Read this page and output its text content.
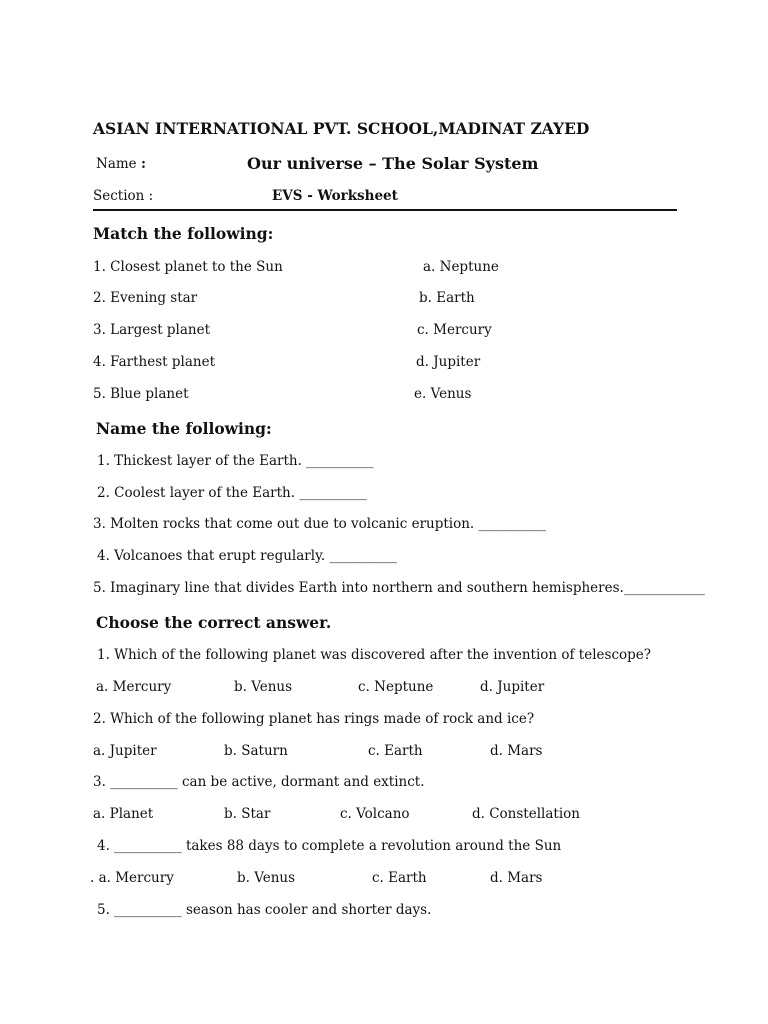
ASIAN INTERNATIONAL PVT. SCHOOL,MADINAT ZAYED
Name :	Our universe – The Solar System
Section :	EVS - Worksheet
Match the following:
1. Closest planet to the Sun	a. Neptune
2. Evening star	b. Earth
3. Largest planet	c. Mercury
4. Farthest planet	d. Jupiter
5. Blue planet	e. Venus
Name the following:
1. Thickest layer of the Earth. __________
2. Coolest layer of the Earth. __________
3. Molten rocks that come out due to volcanic eruption. __________
4. Volcanoes that erupt regularly. __________
5. Imaginary line that divides Earth into northern and southern hemispheres.____________
Choose the correct answer.
1. Which of the following planet was discovered after the invention of telescope?
a. Mercury	b. Venus	c. Neptune	d. Jupiter
2. Which of the following planet has rings made of rock and ice?
a. Jupiter	b. Saturn	c. Earth	d. Mars
3. __________ can be active, dormant and extinct.
a. Planet	b. Star	c. Volcano	d. Constellation
4. __________ takes 88 days to complete a revolution around the Sun
. a. Mercury	b. Venus	c. Earth	d. Mars
5. __________ season has cooler and shorter days.
